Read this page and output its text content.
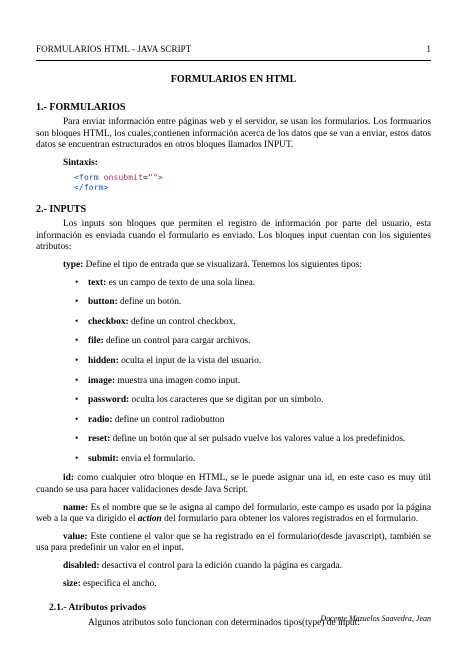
FORMULARIOS HTML - JAVA SCRIPT	1
FORMULARIOS EN HTML
1.- FORMULARIOS

Para enviar información entre páginas web y el servidor, se usan los formularios. Los formuarios son bloques HTML, los cuales,contienen información acerca de los datos que se van a enviar, estos datos datos se encuentran estructurados en otros bloques llamados INPUT.

Sintaxis:

<form onsubmit="">
</form>
2.- INPUTS

Los inputs son bloques que permiten el registro de información por parte del usuario, esta información es enviada cuando el formulario es enviado. Los bloques input cuentan con los siguientes atributos:

type: Define el tipo de entrada que se visualizará. Tenemos los siguientes tipos:

• text: es un campo de texto de una sola línea.
• button: define un botón.
• checkbox: define un control checkbox.
• file: define un control para cargar archivos.
• hidden: oculta el input de la vista del usuario.
• image: muestra una imagen como input.
• password: oculta los caracteres que se digitan por un símbolo.
• radio: define un control radiobutton
• reset: define un botón que al ser pulsado vuelve los valores value a los predefinidos.
• submit: envia el formulario.

id: como cualquier otro bloque en HTML, se le puede asignar una id, en este caso es muy útil cuando se usa para hacer validaciones desde Java Script.

name: Es el nombre que se le asigna al campo del formulario, este campo es usado por la página web a la que va dirigido el action del formulario para obtener los valores registrados en el formulario.

value: Este contiene el valor que se ha registrado en el formulario(desde javascript), también se usa para predefinir un valor en el input.

disabled: desactiva el control para la edición cuando la página es cargada.

size: especifica el ancho.

2.1.- Atributos privados

Algunos atributos solo funcionan con determinados tipos(type) de input:

Docente Mazuelos Saavedra, Jean
